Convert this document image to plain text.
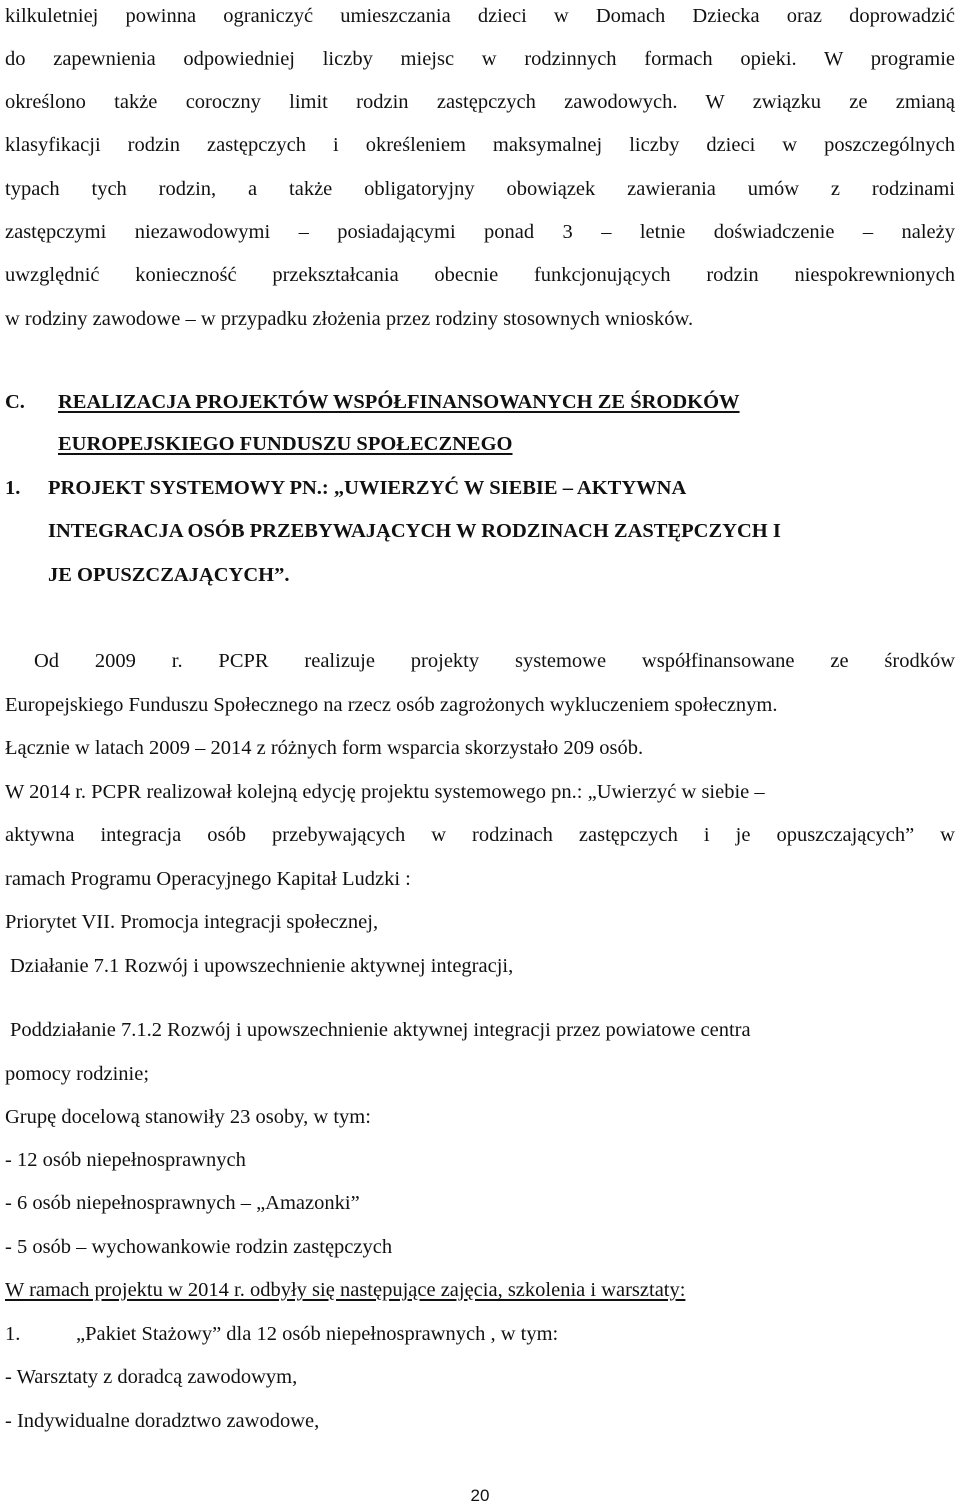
kilkuletniej powinna ograniczyć umieszczania dzieci w Domach Dziecka oraz doprowadzić
do zapewnienia odpowiedniej liczby miejsc w rodzinnych formach opieki. W programie
określono także coroczny limit rodzin zastępczych zawodowych. W związku ze zmianą
klasyfikacji rodzin zastępczych i określeniem maksymalnej liczby dzieci w poszczególnych
typach tych rodzin, a także obligatoryjny obowiązek zawierania umów z rodzinami
zastępczymi niezawodowymi – posiadającymi ponad 3 – letnie doświadczenie – należy
uwzględnić konieczność przekształcania obecnie funkcjonujących rodzin niespokrewnionych
w rodziny zawodowe – w przypadku złożenia przez rodziny stosownych wniosków.
C.	REALIZACJA PROJEKTÓW WSPÓŁFINANSOWANYCH ZE ŚRODKÓW
EUROPEJSKIEGO FUNDUSZU SPOŁECZNEGO
1.	PROJEKT SYSTEMOWY PN.: „UWIERZYĆ W SIEBIE – AKTYWNA
INTEGRACJA OSÓB PRZEBYWAJĄCYCH W RODZINACH ZASTĘPCZYCH I
JE OPUSZCZAJĄCYCH”.
Od 2009 r. PCPR realizuje projekty systemowe współfinansowane ze środków
Europejskiego Funduszu Społecznego na rzecz osób zagrożonych wykluczeniem społecznym.
Łącznie w latach 2009 – 2014 z różnych form wsparcia skorzystało 209 osób.
W 2014 r. PCPR realizował kolejną edycję projektu systemowego pn.: „Uwierzyć w siebie –
aktywna integracja osób przebywających w rodzinach zastępczych i je opuszczających” w
ramach Programu Operacyjnego Kapitał Ludzki :
Priorytet VII. Promocja integracji społecznej,
Działanie 7.1 Rozwój i upowszechnienie aktywnej integracji,
Poddziałanie 7.1.2 Rozwój i upowszechnienie aktywnej integracji przez powiatowe centra
pomocy rodzinie;
Grupę docelową stanowiły 23 osoby, w tym:
- 12 osób niepełnosprawnych
- 6 osób niepełnosprawnych – „Amazonki”
- 5 osób – wychowankowie rodzin zastępczych
W ramach projektu w 2014 r. odbyły się następujące zajęcia, szkolenia i warsztaty:
1.	„Pakiet Stażowy” dla 12 osób niepełnosprawnych , w tym:
- Warsztaty z doradcą zawodowym,
- Indywidualne doradztwo zawodowe,
20
